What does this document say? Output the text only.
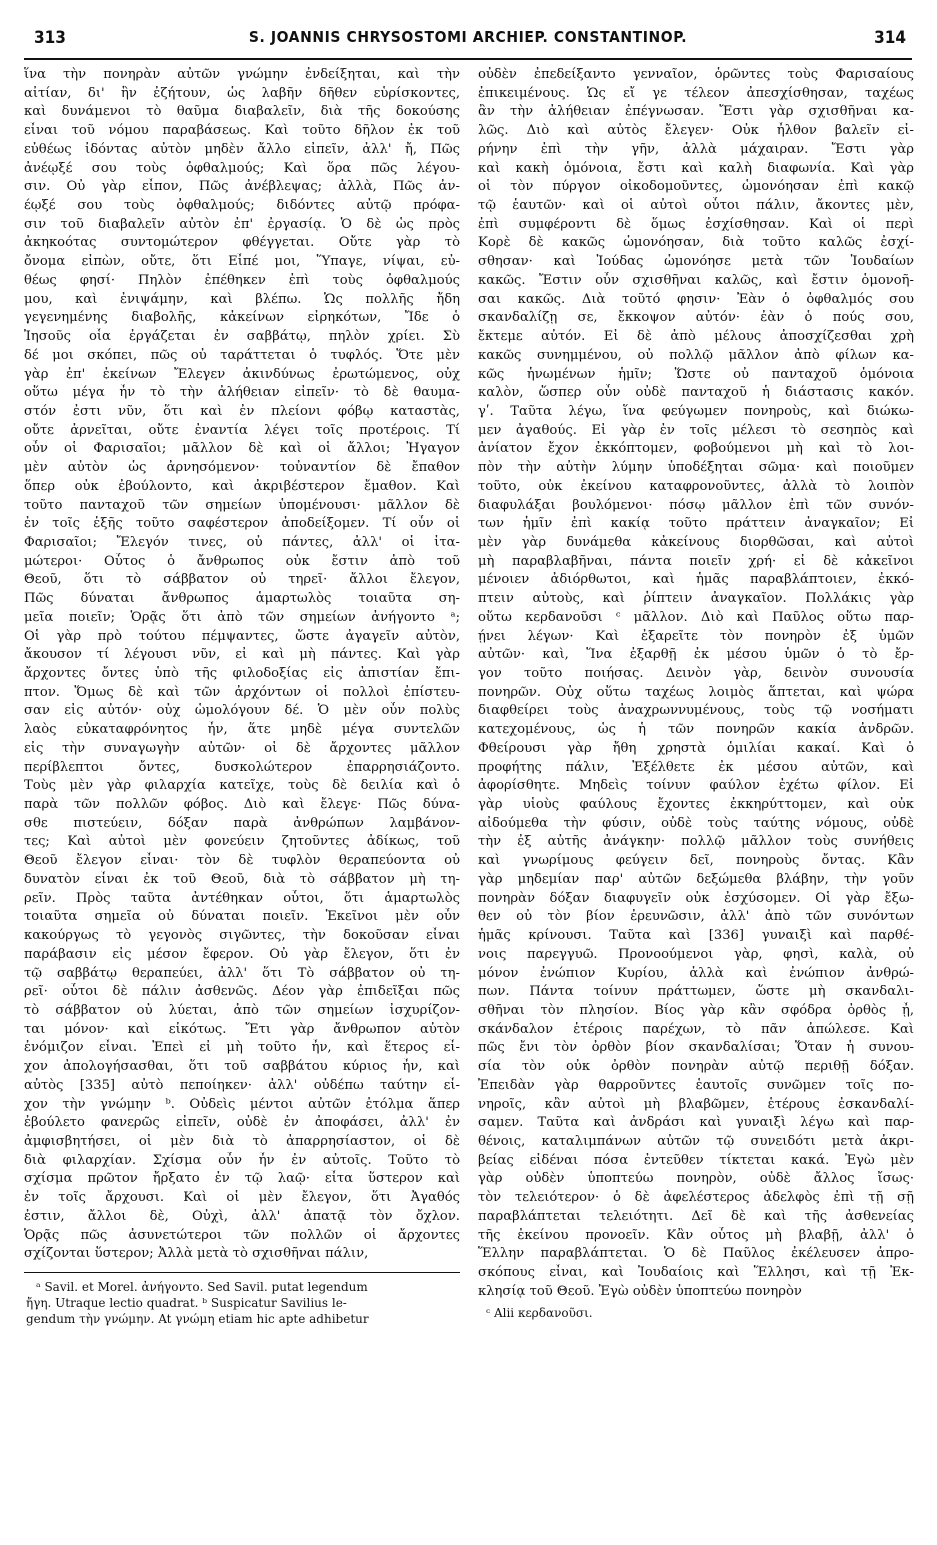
313	S. JOANNIS CHRYSOSTOMI ARCHIEP. CONSTANTINOP.	314
ἵνα τὴν πονηρὰν αὐτῶν γνώμην ἐνδείξηται, καὶ τὴν
αἰτίαν, δι' ἣν ἐζήτουν, ὡς λαβῆν δῆθεν εὑρίσκοντες,
καὶ δυνάμενοι τὸ θαῦμα διαβαλεῖν, διὰ τῆς δοκούσης
εἶναι τοῦ νόμου παραβάσεως. Καὶ τοῦτο δῆλον ἐκ τοῦ
εὐθέως ἰδόντας αὐτὸν μηδὲν ἄλλο εἰπεῖν, ἀλλ' ἤ, Πῶς
ἀνέῳξέ σου τοὺς ὀφθαλμούς; Καὶ ὅρα πῶς λέγου-
σιν. Οὐ γὰρ εἶπον, Πῶς ἀνέβλεψας; ἀλλὰ, Πῶς ἀν-
έῳξέ σου τοὺς ὀφθαλμούς; διδόντες αὐτῷ πρόφα-
σιν τοῦ διαβαλεῖν αὐτὸν ἐπ' ἐργασίᾳ. Ὁ δὲ ὡς πρὸς
ἀκηκοότας συντομώτερον φθέγγεται. Οὔτε γὰρ τὸ
ὄνομα εἰπὼν, οὔτε, ὅτι Εἶπέ μοι, Ὕπαγε, νίψαι, εὐ-
θέως φησί· Πηλὸν ἐπέθηκεν ἐπὶ τοὺς ὀφθαλμούς
μου, καὶ ἐνιψάμην, καὶ βλέπω. Ὡς πολλῆς ἤδη
γεγενημένης διαβολῆς, κἀκείνων εἰρηκότων, Ἴδε ὁ
Ἰησοῦς οἷα ἐργάζεται ἐν σαββάτῳ, πηλὸν χρίει. Σὺ
δέ μοι σκόπει, πῶς οὐ ταράττεται ὁ τυφλός. Ὅτε μὲν
γὰρ ἐπ' ἐκείνων Ἔλεγεν ἀκινδύνως ἐρωτώμενος, οὐχ
οὕτω μέγα ἦν τὸ τὴν ἀλήθειαν εἰπεῖν· τὸ δὲ θαυμα-
στόν ἐστι νῦν, ὅτι καὶ ἐν πλείονι φόβῳ καταστὰς,
οὔτε ἀρνεῖται, οὔτε ἐναντία λέγει τοῖς προτέροις. Τί
οὖν οἱ Φαρισαῖοι; μᾶλλον δὲ καὶ οἱ ἄλλοι; Ἠγαγον
μὲν αὐτὸν ὡς ἀρνησόμενον· τοὐναντίον δὲ ἔπαθον
ὅπερ οὐκ ἐβούλοντο, καὶ ἀκριβέστερον ἔμαθον. Καὶ
τοῦτο πανταχοῦ τῶν σημείων ὑπομένουσι· μᾶλλον δὲ
ἐν τοῖς ἑξῆς τοῦτο σαφέστερον ἀποδείξομεν. Τί οὖν οἱ
Φαρισαῖοι; Ἔλεγόν τινες, οὐ πάντες, ἀλλ' οἱ ἰτα-
μώτεροι· Οὗτος ὁ ἄνθρωπος οὐκ ἔστιν ἀπὸ τοῦ
Θεοῦ, ὅτι τὸ σάββατον οὐ τηρεῖ· ἄλλοι ἔλεγον,
Πῶς δύναται ἄνθρωπος ἁμαρτωλὸς τοιαῦτα ση-
μεῖα ποιεῖν; Ὁρᾷς ὅτι ἀπὸ τῶν σημείων ἀνήγοντο ᵃ;
Οἱ γὰρ πρὸ τούτου πέμψαντες, ὥστε ἀγαγεῖν αὐτὸν,
ἄκουσον τί λέγουσι νῦν, εἰ καὶ μὴ πάντες. Καὶ γὰρ
ἄρχοντες ὄντες ὑπὸ τῆς φιλοδοξίας εἰς ἀπιστίαν ἔπι-
πτον. Ὅμως δὲ καὶ τῶν ἀρχόντων οἱ πολλοὶ ἐπίστευ-
σαν εἰς αὐτόν· οὐχ ὡμολόγουν δέ. Ὁ μὲν οὖν πολὺς
λαὸς εὐκαταφρόνητος ἦν, ἅτε μηδὲ μέγα συντελῶν
εἰς τὴν συναγωγὴν αὐτῶν· οἱ δὲ ἄρχοντες μᾶλλον
περίβλεπτοι ὄντες, δυσκολώτερον ἐπαρρησιάζοντο.
Τοὺς μὲν γὰρ φιλαρχία κατεῖχε, τοὺς δὲ δειλία καὶ ὁ
παρὰ τῶν πολλῶν φόβος. Διὸ καὶ ἔλεγε· Πῶς δύνα-
σθε πιστεύειν, δόξαν παρὰ ἀνθρώπων λαμβάνον-
τες; Καὶ αὐτοὶ μὲν φονεύειν ζητοῦντες ἀδίκως, τοῦ
Θεοῦ ἔλεγον εἶναι· τὸν δὲ τυφλὸν θεραπεύοντα οὐ
δυνατὸν εἶναι ἐκ τοῦ Θεοῦ, διὰ τὸ σάββατον μὴ τη-
ρεῖν. Πρὸς ταῦτα ἀντέθηκαν οὗτοι, ὅτι ἁμαρτωλὸς
τοιαῦτα σημεῖα οὐ δύναται ποιεῖν. Ἐκεῖνοι μὲν οὖν
κακούργως τὸ γεγονὸς σιγῶντες, τὴν δοκοῦσαν εἶναι
παράβασιν εἰς μέσον ἔφερον. Οὐ γὰρ ἔλεγον, ὅτι ἐν
τῷ σαββάτῳ θεραπεύει, ἀλλ' ὅτι Τὸ σάββατον οὐ τη-
ρεῖ· οὗτοι δὲ πάλιν ἀσθενῶς. Δέον γὰρ ἐπιδεῖξαι πῶς
τὸ σάββατον οὐ λύεται, ἀπὸ τῶν σημείων ἰσχυρίζον-
ται μόνον· καὶ εἰκότως. Ἔτι γὰρ ἄνθρωπον αὐτὸν
ἐνόμιζον εἶναι. Ἐπεὶ εἰ μὴ τοῦτο ἦν, καὶ ἕτερος εἶ-
χον ἀπολογήσασθαι, ὅτι τοῦ σαββάτου κύριος ἦν, καὶ
αὐτὸς [335] αὐτὸ πεποίηκεν· ἀλλ' οὐδέπω ταύτην εἶ-
χον τὴν γνώμην ᵇ. Οὐδεὶς μέντοι αὐτῶν ἐτόλμα ἅπερ
ἐβούλετο φανερῶς εἰπεῖν, οὐδὲ ἐν ἀποφάσει, ἀλλ' ἐν
ἀμφισβητήσει, οἱ μὲν διὰ τὸ ἀπαρρησίαστον, οἱ δὲ
διὰ φιλαρχίαν. Σχίσμα οὖν ἦν ἐν αὐτοῖς. Τοῦτο τὸ
σχίσμα πρῶτον ἤρξατο ἐν τῷ λαῷ· εἶτα ὕστερον καὶ
ἐν τοῖς ἄρχουσι. Καὶ οἱ μὲν ἔλεγον, ὅτι Ἀγαθός
ἐστιν, ἄλλοι δὲ, Οὐχὶ, ἀλλ' ἀπατᾷ τὸν ὄχλον.
Ὁρᾷς πῶς ἀσυνετώτεροι τῶν πολλῶν οἱ ἄρχοντες
σχίζονται ὕστερον; Ἀλλὰ μετὰ τὸ σχισθῆναι πάλιν,
ᵃ Savil. et Morel. ἀνήγοντο. Sed Savil. putat legendum
ἤγη. Utraque lectio quadrat. ᵇ Suspicatur Savilius le-
gendum τὴν γνώμην. At γνώμη etiam hic apte adhibetur
οὐδὲν ἐπεδείξαντο γενναῖον, ὁρῶντες τοὺς Φαρισαίους
ἐπικειμένους. Ὡς εἴ γε τέλεον ἀπεσχίσθησαν, ταχέως
ἂν τὴν ἀλήθειαν ἐπέγνωσαν. Ἔστι γὰρ σχισθῆναι κα-
λῶς. Διὸ καὶ αὐτὸς ἔλεγεν· Οὐκ ἦλθον βαλεῖν εἰ-
ρήνην ἐπὶ τὴν γῆν, ἀλλὰ μάχαιραν. Ἔστι γὰρ
καὶ κακὴ ὁμόνοια, ἔστι καὶ καλὴ διαφωνία. Καὶ γὰρ
οἱ τὸν πύργον οἰκοδομοῦντες, ὡμονόησαν ἐπὶ κακῷ
τῷ ἑαυτῶν· καὶ οἱ αὐτοὶ οὗτοι πάλιν, ἄκοντες μὲν,
ἐπὶ συμφέροντι δὲ ὅμως ἐσχίσθησαν. Καὶ οἱ περὶ
Κορὲ δὲ κακῶς ὡμονόησαν, διὰ τοῦτο καλῶς ἐσχί-
σθησαν· καὶ Ἰούδας ὡμονόησε μετὰ τῶν Ἰουδαίων
κακῶς. Ἔστιν οὖν σχισθῆναι καλῶς, καὶ ἔστιν ὁμονοῆ-
σαι κακῶς. Διὰ τοῦτό φησιν· Ἐὰν ὁ ὀφθαλμός σου
σκανδαλίζῃ σε, ἔκκοψον αὐτόν· ἐὰν ὁ πούς σου,
ἔκτεμε αὐτόν. Εἰ δὲ ἀπὸ μέλους ἀποσχίζεσθαι χρὴ
κακῶς συνημμένου, οὐ πολλῷ μᾶλλον ἀπὸ φίλων κα-
κῶς ἡνωμένων ἡμῖν; Ὥστε οὐ πανταχοῦ ὁμόνοια
καλὸν, ὥσπερ οὖν οὐδὲ πανταχοῦ ἡ διάστασις κακόν.
γʹ. Ταῦτα λέγω, ἵνα φεύγωμεν πονηροὺς, καὶ διώκω-
μεν ἀγαθούς. Εἰ γὰρ ἐν τοῖς μέλεσι τὸ σεσηπὸς καὶ
ἀνίατον ἔχον ἐκκόπτομεν, φοβούμενοι μὴ καὶ τὸ λοι-
πὸν τὴν αὐτὴν λύμην ὑποδέξηται σῶμα· καὶ ποιοῦμεν
τοῦτο, οὐκ ἐκείνου καταφρονοῦντες, ἀλλὰ τὸ λοιπὸν
διαφυλάξαι βουλόμενοι· πόσῳ μᾶλλον ἐπὶ τῶν συνόν-
των ἡμῖν ἐπὶ κακίᾳ τοῦτο πράττειν ἀναγκαῖον; Εἰ
μὲν γὰρ δυνάμεθα κἀκείνους διορθῶσαι, καὶ αὐτοὶ
μὴ παραβλαβῆναι, πάντα ποιεῖν χρή· εἰ δὲ κἀκεῖνοι
μένοιεν ἀδιόρθωτοι, καὶ ἡμᾶς παραβλάπτοιεν, ἐκκό-
πτειν αὐτοὺς, καὶ ῥίπτειν ἀναγκαῖον. Πολλάκις γὰρ
οὕτω κερδανοῦσι ᶜ μᾶλλον. Διὸ καὶ Παῦλος οὕτω παρ-
ῄνει λέγων· Καὶ ἐξαρεῖτε τὸν πονηρὸν ἐξ ὑμῶν
αὐτῶν· καὶ, Ἵνα ἐξαρθῇ ἐκ μέσου ὑμῶν ὁ τὸ ἔρ-
γον τοῦτο ποιήσας. Δεινὸν γὰρ, δεινὸν συνουσία
πονηρῶν. Οὐχ οὕτω ταχέως λοιμὸς ἅπτεται, καὶ ψώρα
διαφθείρει τοὺς ἀναχρωννυμένους, τοὺς τῷ νοσήματι
κατεχομένους, ὡς ἡ τῶν πονηρῶν κακία ἀνδρῶν.
Φθείρουσι γὰρ ἤθη χρηστὰ ὁμιλίαι κακαί. Καὶ ὁ
προφήτης πάλιν, Ἐξέλθετε ἐκ μέσου αὐτῶν, καὶ
ἀφορίσθητε. Μηδεὶς τοίνυν φαύλον ἐχέτω φίλον. Εἰ
γὰρ υἱοὺς φαύλους ἔχοντες ἐκκηρύττομεν, καὶ οὐκ
αἰδούμεθα τὴν φύσιν, οὐδὲ τοὺς ταύτης νόμους, οὐδὲ
τὴν ἐξ αὐτῆς ἀνάγκην· πολλῷ μᾶλλον τοὺς συνήθεις
καὶ γνωρίμους φεύγειν δεῖ, πονηροὺς ὄντας. Κἂν
γὰρ μηδεμίαν παρ' αὐτῶν δεξώμεθα βλάβην, τὴν γοῦν
πονηρὰν δόξαν διαφυγεῖν οὐκ ἐσχύσομεν. Οἱ γὰρ ἔξω-
θεν οὐ τὸν βίον ἐρευνῶσιν, ἀλλ' ἀπὸ τῶν συνόντων
ἡμᾶς κρίνουσι. Ταῦτα καὶ [336] γυναιξὶ καὶ παρθέ-
νοις παρεγγυῶ. Προνοούμενοι γὰρ, φησὶ, καλὰ, οὐ
μόνον ἐνώπιον Κυρίου, ἀλλὰ καὶ ἐνώπιον ἀνθρώ-
πων. Πάντα τοίνυν πράττωμεν, ὥστε μὴ σκανδαλι-
σθῆναι τὸν πλησίον. Βίος γὰρ κἂν σφόδρα ὀρθὸς ᾖ,
σκάνδαλον ἑτέροις παρέχων, τὸ πᾶν ἀπώλεσε. Καὶ
πῶς ἔνι τὸν ὀρθὸν βίον σκανδαλίσαι; Ὅταν ἡ συνου-
σία τὸν οὐκ ὀρθὸν πονηρὰν αὐτῷ περιθῇ δόξαν.
Ἐπειδὰν γὰρ θαρροῦντες ἑαυτοῖς συνῶμεν τοῖς πο-
νηροῖς, κἂν αὐτοὶ μὴ βλαβῶμεν, ἑτέρους ἐσκανδαλί-
σαμεν. Ταῦτα καὶ ἀνδράσι καὶ γυναιξὶ λέγω καὶ παρ-
θένοις, καταλιμπάνων αὐτῶν τῷ συνειδότι μετὰ ἀκρι-
βείας εἰδέναι πόσα ἐντεῦθεν τίκτεται κακά. Ἐγὼ μὲν
γὰρ οὐδὲν ὑποπτεύω πονηρὸν, οὐδὲ ἄλλος ἴσως·
τὸν τελειότερον· ὁ δὲ ἀφελέστερος ἀδελφὸς ἐπὶ τῇ σῇ
παραβλάπτεται τελειότητι. Δεῖ δὲ καὶ τῆς ἀσθενείας
τῆς ἐκείνου προνοεῖν. Κἂν οὗτος μὴ βλαβῇ, ἀλλ' ὁ
Ἕλλην παραβλάπτεται. Ὁ δὲ Παῦλος ἐκέλευσεν ἀπρο-
σκόπους εἶναι, καὶ Ἰουδαίοις καὶ Ἕλλησι, καὶ τῇ Ἐκ-
κλησίᾳ τοῦ Θεοῦ. Ἐγὼ οὐδὲν ὑποπτεύω πονηρὸν
ᶜ Alii κερδανοῦσι.
